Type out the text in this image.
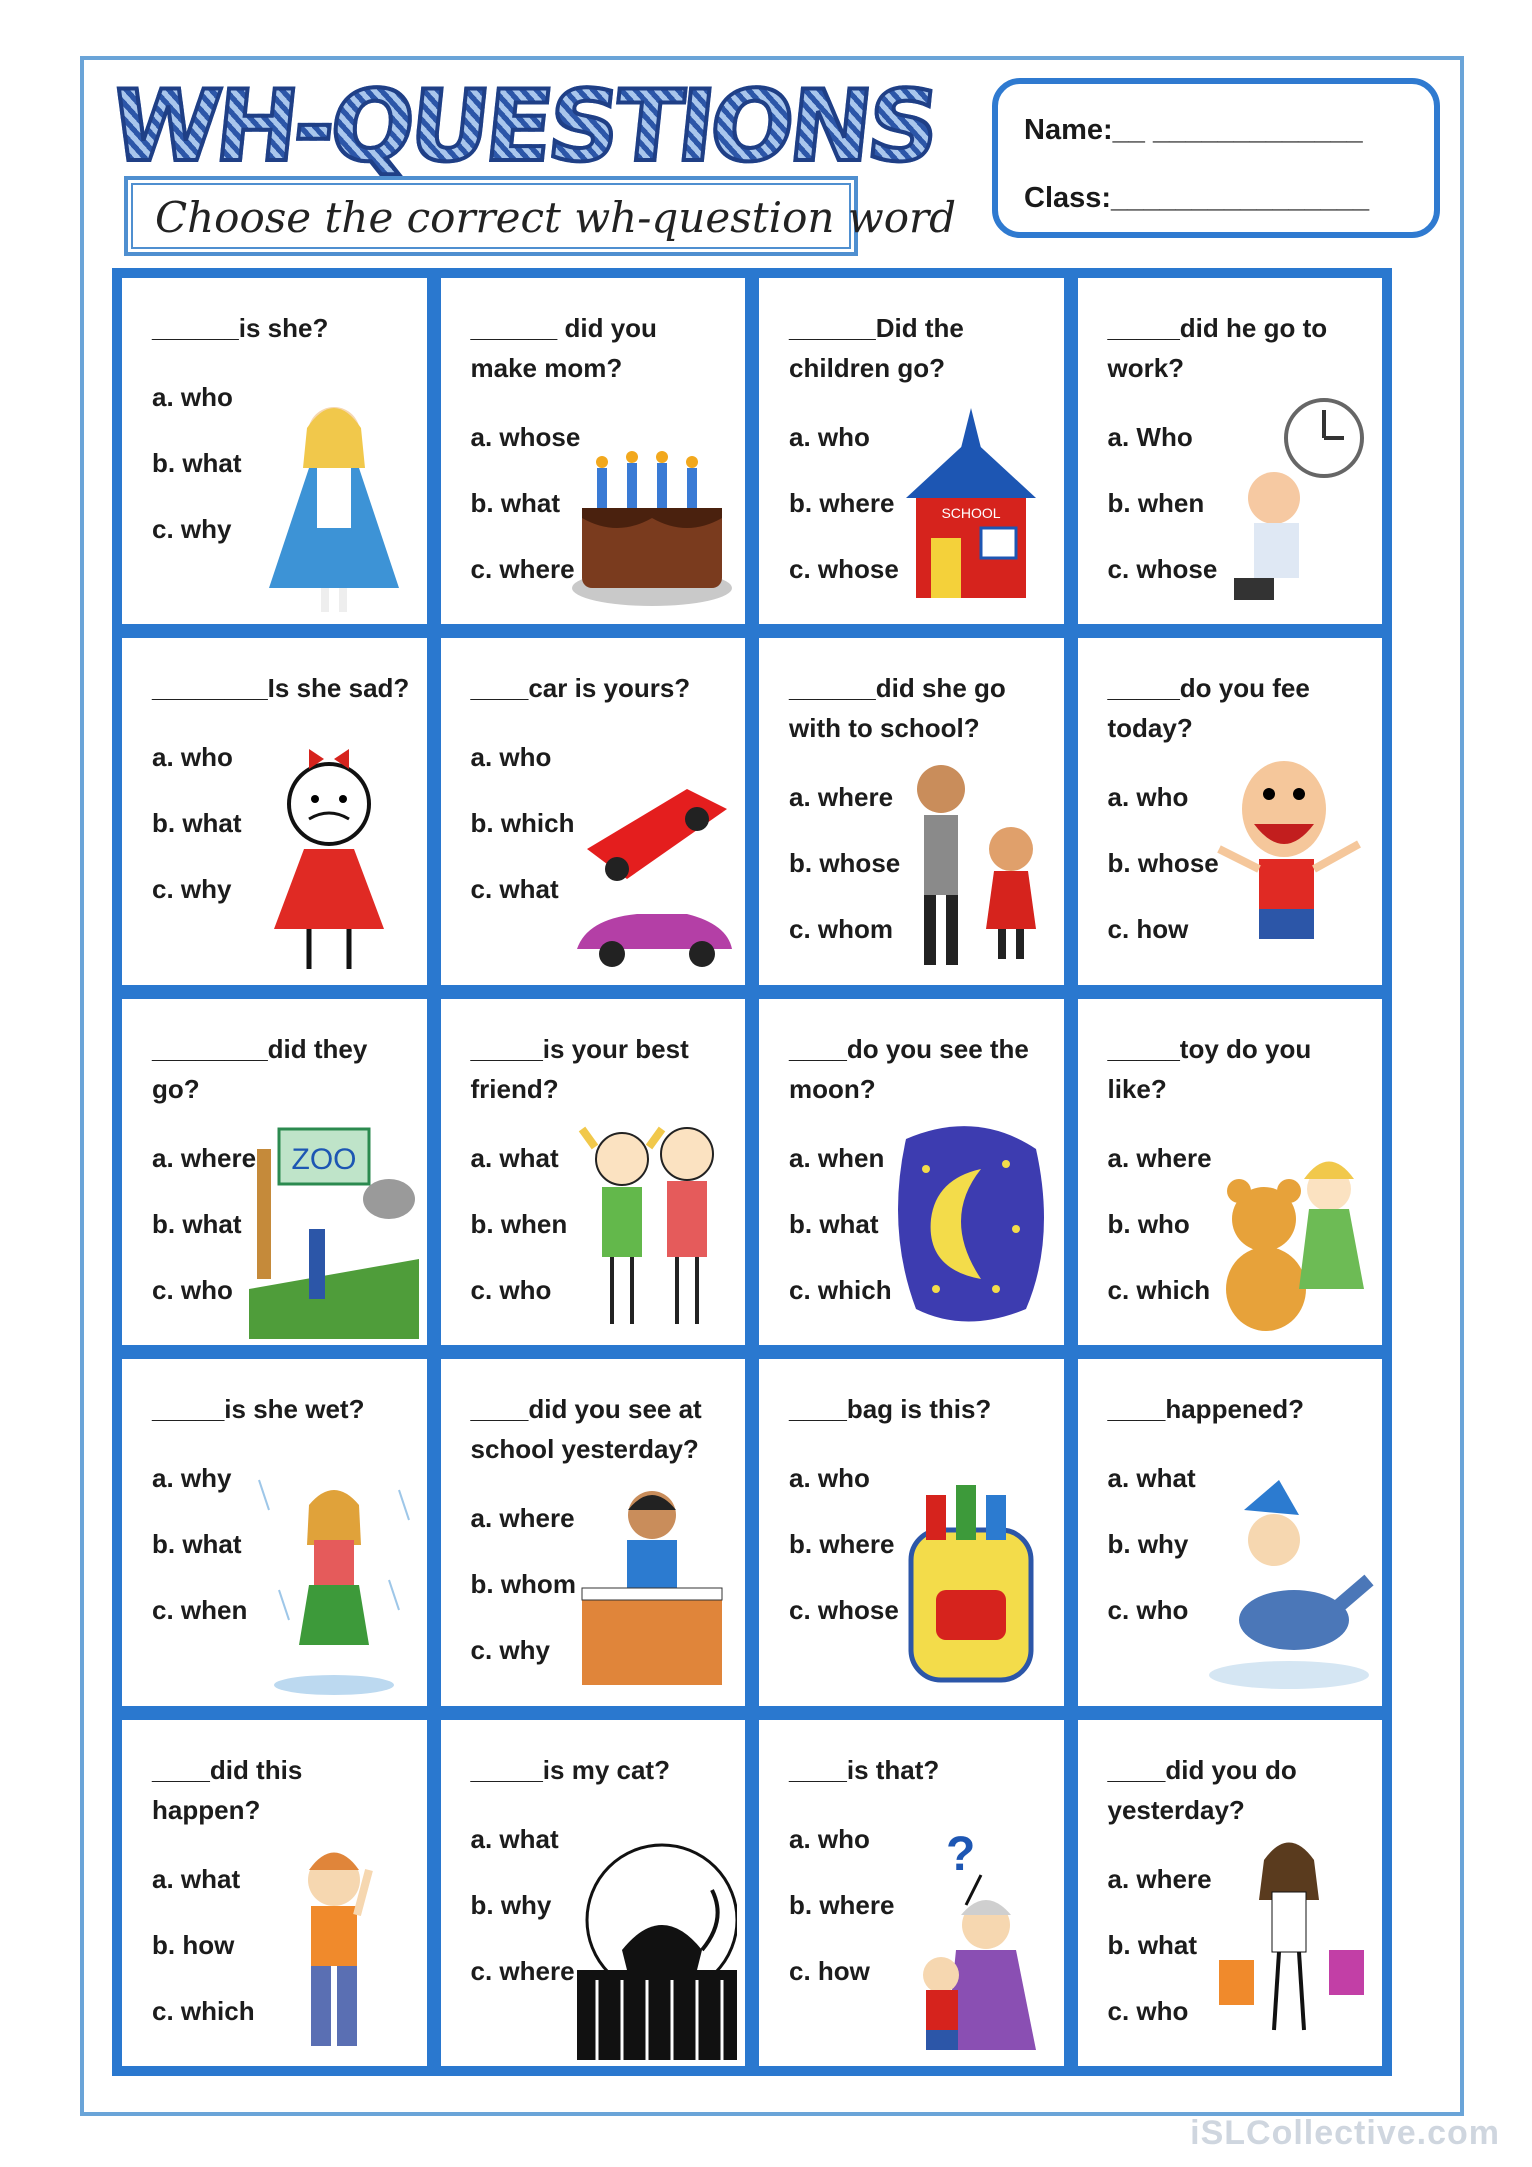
WH-QUESTIONS
Choose the correct wh-question word
Name:__ _____________
Class:________________
______is she?
a. who
b. what
c. why
______ did you make mom?
a. whose
b. what
c. where
______Did the children go?
a. who
b. where
c. whose
SCHOOL
_____did he go to work?
a. Who
b. when
c. whose
________Is she sad?
a. who
b. what
c. why
____car is yours?
a. who
b. which
c. what
______did she go with to school?
a. where
b. whose
c. whom
_____do you fee today?
a. who
b. whose
c. how
________did they go?
a. where
b. what
c. who
ZOO
_____is your best friend?
a. what
b. when
c. who
____do you see the moon?
a. when
b. what
c. which
_____toy do you like?
a. where
b. who
c. which
_____is she wet?
a. why
b. what
c. when
____did you see at school yesterday?
a. where
b. whom
c. why
____bag is this?
a. who
b. where
c. whose
____happened?
a. what
b. why
c. who
____did this happen?
a. what
b. how
c. which
_____is my cat?
a. what
b. why
c. where
____is that?
a. who
b. where
c. how
?
____did you do yesterday?
a. where
b. what
c. who
iSLCollective.com
